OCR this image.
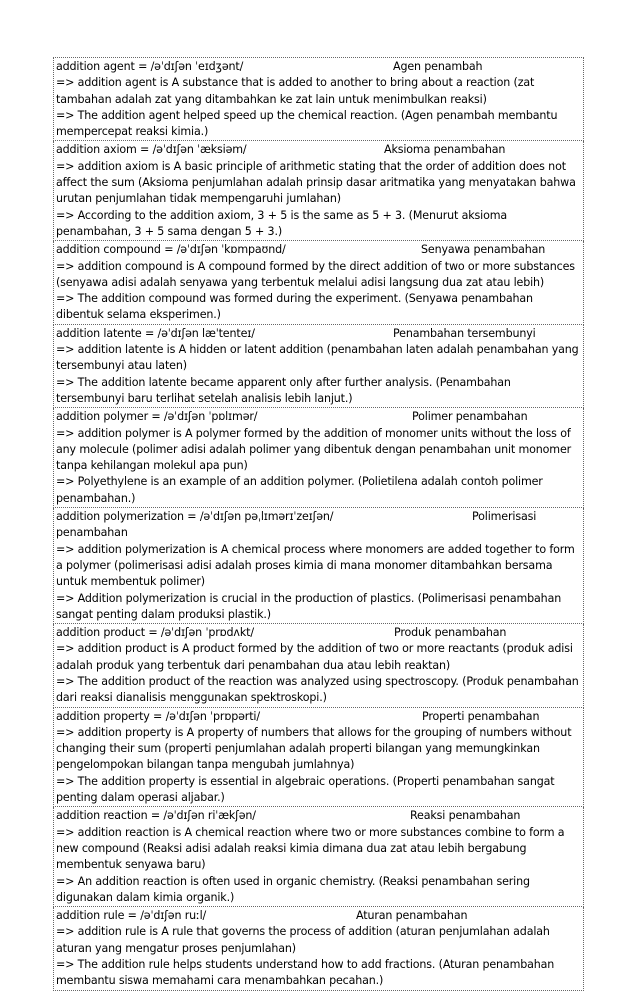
addition agent = /əˈdɪʃən ˈeɪdʒənt/	Agen penambah
=> addition agent is A substance that is added to another to bring about a reaction (zat tambahan adalah zat yang ditambahkan ke zat lain untuk menimbulkan reaksi)
=> The addition agent helped speed up the chemical reaction. (Agen penambah membantu mempercepat reaksi kimia.)
addition axiom = /əˈdɪʃən ˈæksiəm/	Aksioma penambahan
=> addition axiom is A basic principle of arithmetic stating that the order of addition does not affect the sum (Aksioma penjumlahan adalah prinsip dasar aritmatika yang menyatakan bahwa urutan penjumlahan tidak mempengaruhi jumlahan)
=> According to the addition axiom, 3 + 5 is the same as 5 + 3. (Menurut aksioma penambahan, 3 + 5 sama dengan 5 + 3.)
addition compound = /əˈdɪʃən ˈkɒmpaʊnd/	Senyawa penambahan
=> addition compound is A compound formed by the direct addition of two or more substances (senyawa adisi adalah senyawa yang terbentuk melalui adisi langsung dua zat atau lebih)
=> The addition compound was formed during the experiment. (Senyawa penambahan dibentuk selama eksperimen.)
addition latente = /əˈdɪʃən læˈtenteɪ/	Penambahan tersembunyi
=> addition latente is A hidden or latent addition (penambahan laten adalah penambahan yang tersembunyi atau laten)
=> The addition latente became apparent only after further analysis. (Penambahan tersembunyi baru terlihat setelah analisis lebih lanjut.)
addition polymer = /əˈdɪʃən ˈpɒlɪmər/	Polimer penambahan
=> addition polymer is A polymer formed by the addition of monomer units without the loss of any molecule (polimer adisi adalah polimer yang dibentuk dengan penambahan unit monomer tanpa kehilangan molekul apa pun)
=> Polyethylene is an example of an addition polymer. (Polietilena adalah contoh polimer penambahan.)
addition polymerization = /əˈdɪʃən pəˌlɪmərɪˈzeɪʃən/	Polimerisasi
penambahan
=> addition polymerization is A chemical process where monomers are added together to form a polymer (polimerisasi adisi adalah proses kimia di mana monomer ditambahkan bersama untuk membentuk polimer)
=> Addition polymerization is crucial in the production of plastics. (Polimerisasi penambahan sangat penting dalam produksi plastik.)
addition product = /əˈdɪʃən ˈprɒdʌkt/	Produk penambahan
=> addition product is A product formed by the addition of two or more reactants (produk adisi adalah produk yang terbentuk dari penambahan dua atau lebih reaktan)
=> The addition product of the reaction was analyzed using spectroscopy. (Produk penambahan dari reaksi dianalisis menggunakan spektroskopi.)
addition property = /əˈdɪʃən ˈprɒpərti/	Properti penambahan
=> addition property is A property of numbers that allows for the grouping of numbers without changing their sum (properti penjumlahan adalah properti bilangan yang memungkinkan pengelompokan bilangan tanpa mengubah jumlahnya)
=> The addition property is essential in algebraic operations. (Properti penambahan sangat penting dalam operasi aljabar.)
addition reaction = /əˈdɪʃən riˈækʃən/	Reaksi penambahan
=> addition reaction is A chemical reaction where two or more substances combine to form a new compound (Reaksi adisi adalah reaksi kimia dimana dua zat atau lebih bergabung membentuk senyawa baru)
=> An addition reaction is often used in organic chemistry. (Reaksi penambahan sering digunakan dalam kimia organik.)
addition rule = /əˈdɪʃən ruːl/	Aturan penambahan
=> addition rule is A rule that governs the process of addition (aturan penjumlahan adalah aturan yang mengatur proses penjumlahan)
=> The addition rule helps students understand how to add fractions. (Aturan penambahan membantu siswa memahami cara menambahkan pecahan.)
